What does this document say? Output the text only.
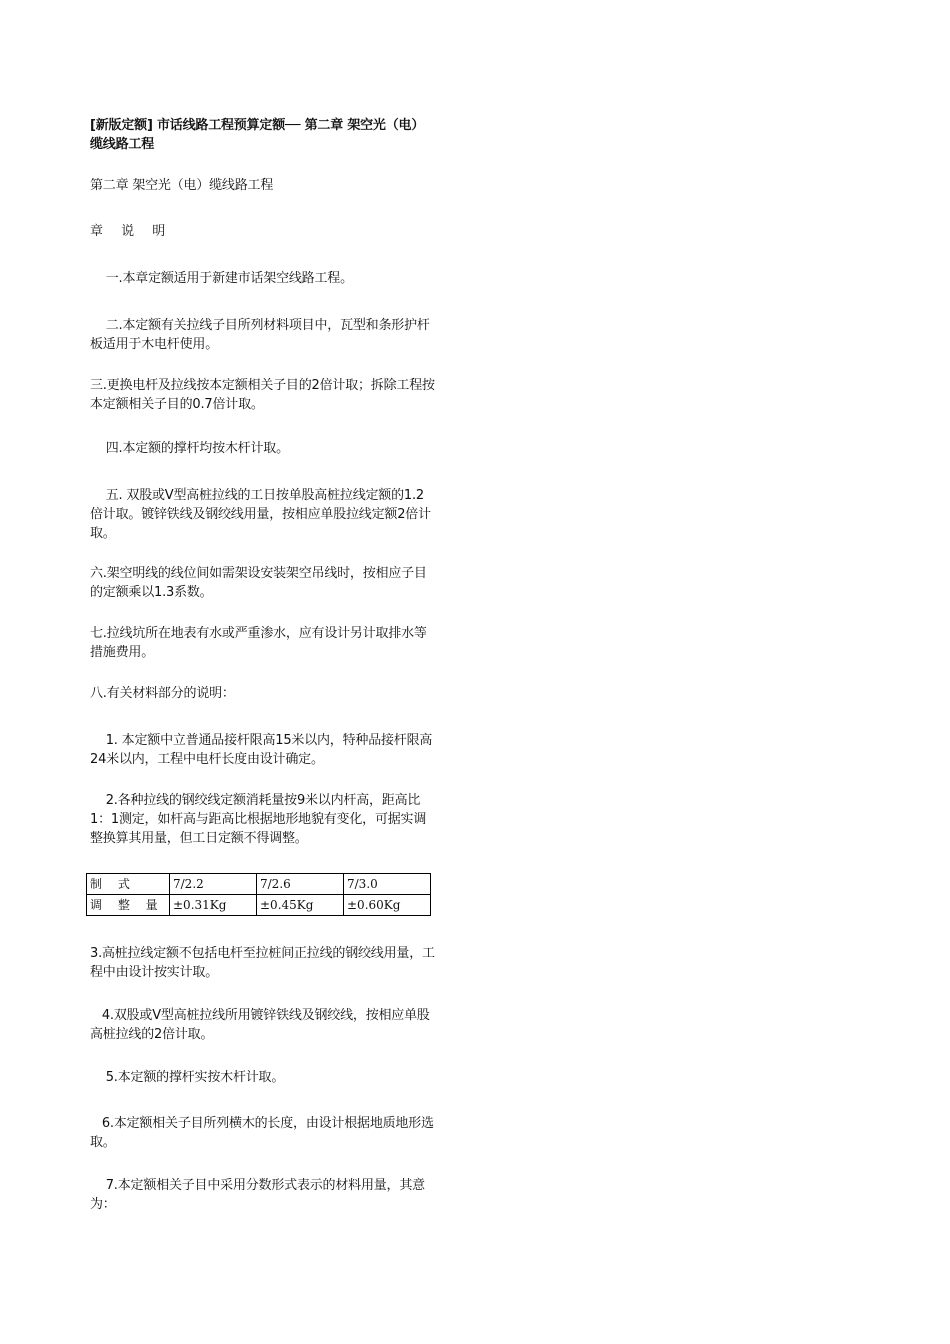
[新版定额] 市话线路工程预算定额── 第二章 架空光（电）缆线路工程
第二章 架空光（电）缆线路工程
章 说 明
一.本章定额适用于新建市话架空线路工程。
二.本定额有关拉线子目所列材料项目中，瓦型和条形护杆板适用于木电杆使用。
三.更换电杆及拉线按本定额相关子目的2倍计取；拆除工程按本定额相关子目的0.7倍计取。
四.本定额的撑杆均按木杆计取。
五. 双股或V型高桩拉线的工日按单股高桩拉线定额的1.2倍计取。镀锌铁线及钢绞线用量，按相应单股拉线定额2倍计取。
六.架空明线的线位间如需架设安装架空吊线时，按相应子目的定额乘以1.3系数。
七.拉线坑所在地表有水或严重渗水，应有设计另计取排水等措施费用。
八.有关材料部分的说明：
1. 本定额中立普通品接杆限高15米以内，特种品接杆限高24米以内，工程中电杆长度由设计确定。
2.各种拉线的钢绞线定额消耗量按9米以内杆高，距高比1：1测定，如杆高与距高比根据地形地貌有变化，可据实调整换算其用量，但工日定额不得调整。
制 式	7/2.2	7/2.6	7/3.0
调 整 量	±0.31Kg	±0.45Kg	±0.60Kg
3.高桩拉线定额不包括电杆至拉桩间正拉线的钢绞线用量，工程中由设计按实计取。
4.双股或V型高桩拉线所用镀锌铁线及钢绞线，按相应单股高桩拉线的2倍计取。
5.本定额的撑杆实按木杆计取。
6.本定额相关子目所列横木的长度，由设计根据地质地形选取。
7.本定额相关子目中采用分数形式表示的材料用量，其意为：
